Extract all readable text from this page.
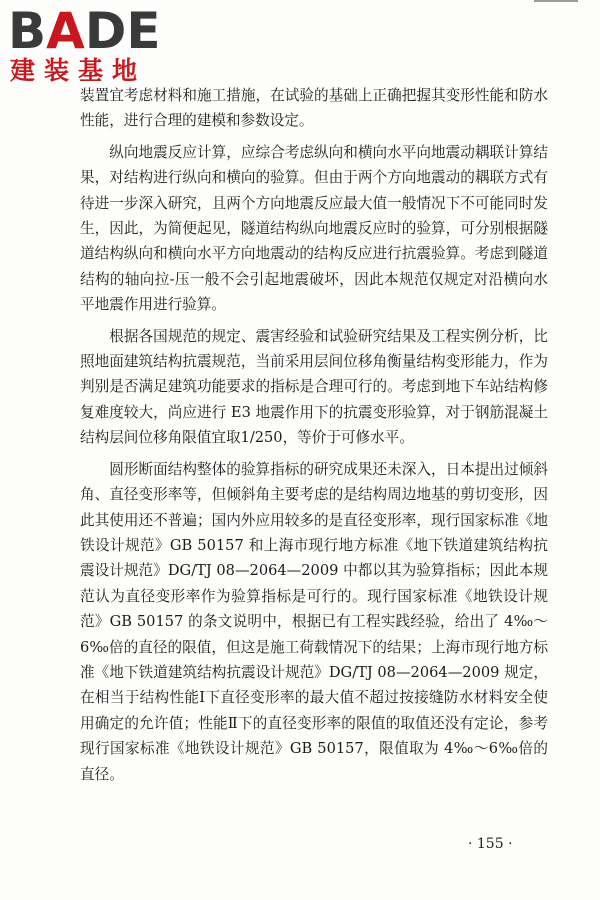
BADE
建装基地

装置宜考虑材料和施工措施，在试验的基础上正确把握其变形性能和防水性能，进行合理的建模和参数设定。

纵向地震反应计算，应综合考虑纵向和横向水平向地震动耦联计算结果，对结构进行纵向和横向的验算。但由于两个方向地震动的耦联方式有待进一步深入研究，且两个方向地震反应最大值一般情况下不可能同时发生，因此，为简便起见，隧道结构纵向地震反应时的验算，可分别根据隧道结构纵向和横向水平方向地震动的结构反应进行抗震验算。考虑到隧道结构的轴向拉-压一般不会引起地震破坏，因此本规范仅规定对沿横向水平地震作用进行验算。

根据各国规范的规定、震害经验和试验研究结果及工程实例分析，比照地面建筑结构抗震规范，当前采用层间位移角衡量结构变形能力，作为判别是否满足建筑功能要求的指标是合理可行的。考虑到地下车站结构修复难度较大，尚应进行 E3 地震作用下的抗震变形验算，对于钢筋混凝土结构层间位移角限值宜取1/250，等价于可修水平。

圆形断面结构整体的验算指标的研究成果还未深入，日本提出过倾斜角、直径变形率等，但倾斜角主要考虑的是结构周边地基的剪切变形，因此其使用还不普遍；国内外应用较多的是直径变形率，现行国家标准《地铁设计规范》GB 50157 和上海市现行地方标准《地下铁道建筑结构抗震设计规范》DG/TJ 08—2064—2009 中都以其为验算指标；因此本规范认为直径变形率作为验算指标是可行的。现行国家标准《地铁设计规范》GB 50157 的条文说明中，根据已有工程实践经验，给出了 4‰～6‰倍的直径的限值，但这是施工荷载情况下的结果；上海市现行地方标准《地下铁道建筑结构抗震设计规范》DG/TJ 08—2064—2009 规定，在相当于结构性能Ⅰ下直径变形率的最大值不超过按接缝防水材料安全使用确定的允许值；性能Ⅱ下的直径变形率的限值的取值还没有定论，参考现行国家标准《地铁设计规范》GB 50157，限值取为 4‰～6‰倍的直径。

· 155 ·
